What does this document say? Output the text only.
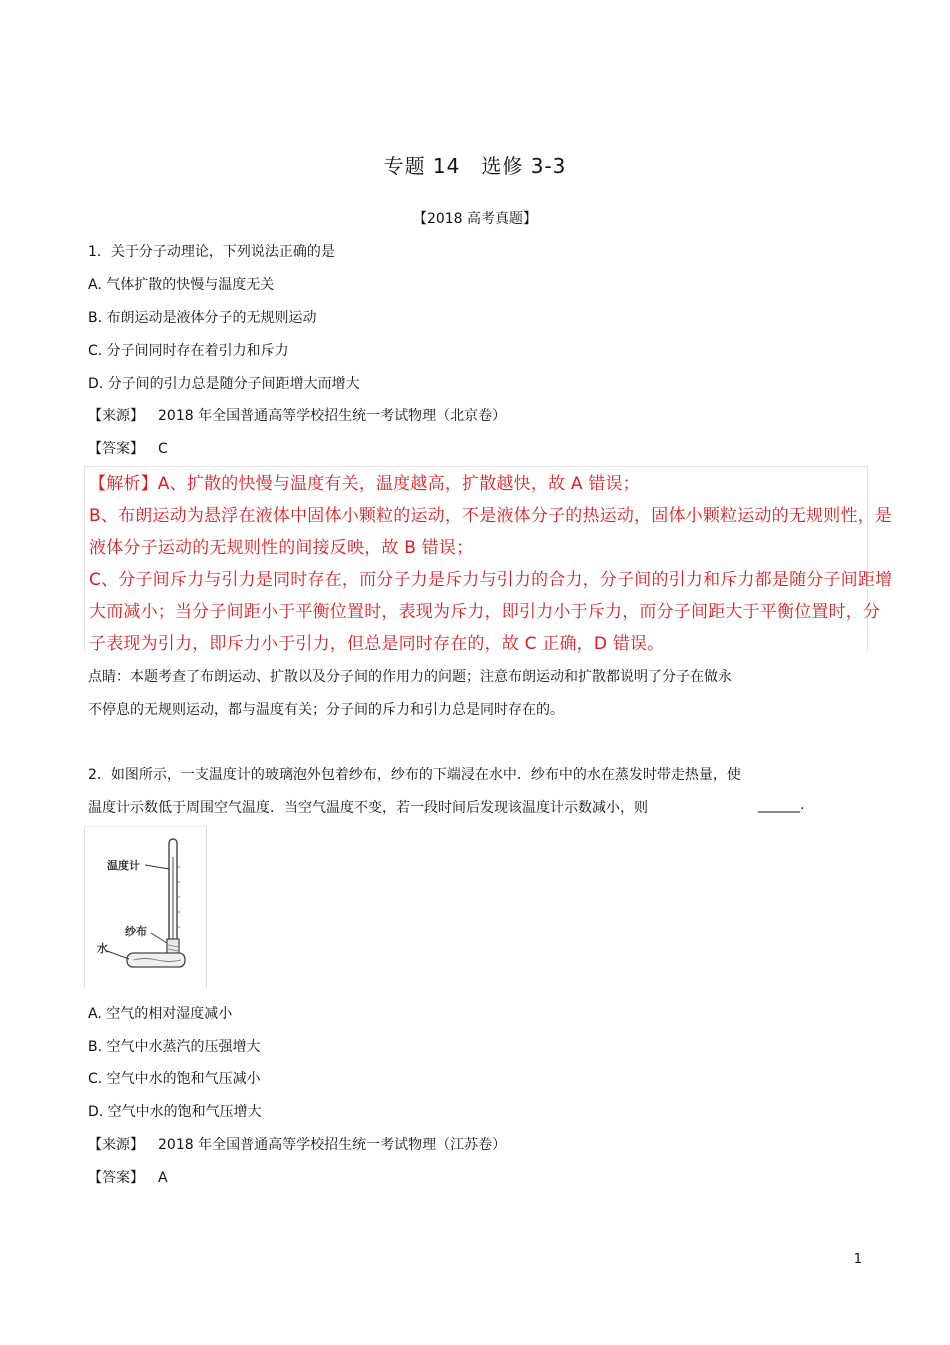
专题 14　选修 3-3
【2018 高考真题】
1．关于分子动理论，下列说法正确的是
A. 气体扩散的快慢与温度无关
B. 布朗运动是液体分子的无规则运动
C. 分子间同时存在着引力和斥力
D. 分子间的引力总是随分子间距增大而增大
【来源】 2018 年全国普通高等学校招生统一考试物理（北京卷）
【答案】 C
【解析】A、扩散的快慢与温度有关，温度越高，扩散越快，故 A 错误；
B、布朗运动为悬浮在液体中固体小颗粒的运动，不是液体分子的热运动，固体小颗粒运动的无规则性，是
液体分子运动的无规则性的间接反映，故 B 错误；
C、分子间斥力与引力是同时存在，而分子力是斥力与引力的合力，分子间的引力和斥力都是随分子间距增
大而减小；当分子间距小于平衡位置时，表现为斥力，即引力小于斥力，而分子间距大于平衡位置时，分
子表现为引力，即斥力小于引力，但总是同时存在的，故 C 正确，D 错误。
点睛：本题考查了布朗运动、扩散以及分子间的作用力的问题；注意布朗运动和扩散都说明了分子在做永
不停息的无规则运动，都与温度有关；分子间的斥力和引力总是同时存在的。
2．如图所示，一支温度计的玻璃泡外包着纱布，纱布的下端浸在水中．纱布中的水在蒸发时带走热量，使
温度计示数低于周围空气温度．当空气温度不变，若一段时间后发现该温度计示数减小，则	______.
温度计
纱布
水
A. 空气的相对湿度减小
B. 空气中水蒸汽的压强增大
C. 空气中水的饱和气压减小
D. 空气中水的饱和气压增大
【来源】 2018 年全国普通高等学校招生统一考试物理（江苏卷）
【答案】 A
1
